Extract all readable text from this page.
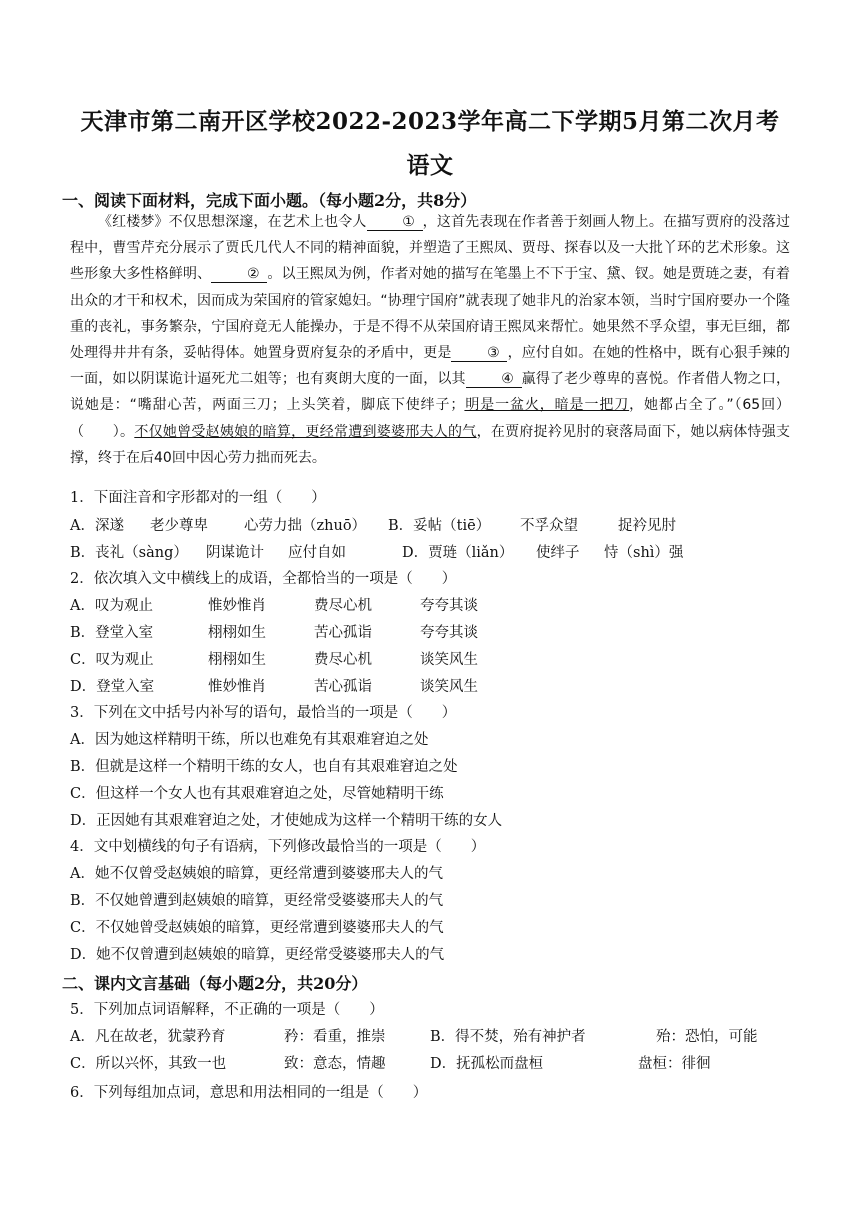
天津市第二南开区学校2022-2023学年高二下学期5月第二次月考
语文
一、阅读下面材料，完成下面小题。（每小题2分，共8分）
《红楼梦》不仅思想深邃，在艺术上也令人	① ，这首先表现在作者善于刻画人物上。在描写贾府的没落过程中，曹雪芹充分展示了贾氏几代人不同的精神面貌，并塑造了王熙凤、贾母、探春以及一大批丫环的艺术形象。这些形象大多性格鲜明、	② 。以王熙凤为例，作者对她的描写在笔墨上不下于宝、黛、钗。她是贾琏之妻，有着出众的才干和权术，因而成为荣国府的管家媳妇。“协理宁国府”就表现了她非凡的治家本领，当时宁国府要办一个隆重的丧礼，事务繁杂，宁国府竟无人能操办，于是不得不从荣国府请王熙凤来帮忙。她果然不孚众望，事无巨细，都处理得井井有条，妥帖得体。她置身贾府复杂的矛盾中，更是	③ ，应付自如。在她的性格中，既有心狠手辣的一面，如以阴谋诡计逼死尤二姐等；也有爽朗大度的一面，以其	④ 赢得了老少尊卑的喜悦。作者借人物之口，说她是：“嘴甜心苦，两面三刀；上头笑着，脚底下使绊子；明是一盆火，暗是一把刀，她都占全了。”（65回）（　　）。不仅她曾受赵姨娘的暗算，更经常遭到婆婆邢夫人的气，在贾府捉衿见肘的衰落局面下，她以病体恃强支撑，终于在后40回中因心劳力拙而死去。
1．下面注音和字形都对的一组（　　）
A．深遂 老少尊卑 心劳力拙（zhuō） B．妥帖（tiē） 不孚众望	捉衿见肘
B．丧礼（sàng） 阴谋诡计 应付自如	D．贾琏（liǎn） 使绊子 恃（shì）强
2．依次填入文中横线上的成语，全都恰当的一项是（　　）
A．叹为观止	惟妙惟肖	费尽心机	夸夸其谈
B．登堂入室	栩栩如生	苦心孤诣	夸夸其谈
C．叹为观止	栩栩如生	费尽心机	谈笑风生
D．登堂入室	惟妙惟肖	苦心孤诣	谈笑风生
3．下列在文中括号内补写的语句，最恰当的一项是（　　）
A．因为她这样精明干练，所以也难免有其艰难窘迫之处
B．但就是这样一个精明干练的女人，也自有其艰难窘迫之处
C．但这样一个女人也有其艰难窘迫之处，尽管她精明干练
D．正因她有其艰难窘迫之处，才使她成为这样一个精明干练的女人
4．文中划横线的句子有语病，下列修改最恰当的一项是（　　）
A．她不仅曾受赵姨娘的暗算，更经常遭到婆婆邢夫人的气
B．不仅她曾遭到赵姨娘的暗算，更经常受婆婆邢夫人的气
C．不仅她曾受赵姨娘的暗算，更经常遭到婆婆邢夫人的气
D．她不仅曾遭到赵姨娘的暗算，更经常受婆婆邢夫人的气
二、课内文言基础（每小题2分，共20分）
5．下列加点词语解释，不正确的一项是（　　）
A．凡在故老，犹蒙矜育	矜：看重，推崇	B．得不焚，殆有神护者	殆：恐怕，可能
C．所以兴怀，其致一也	致：意态，情趣	D．抚孤松而盘桓	盘桓：徘徊
6．下列每组加点词，意思和用法相同的一组是（　　）
